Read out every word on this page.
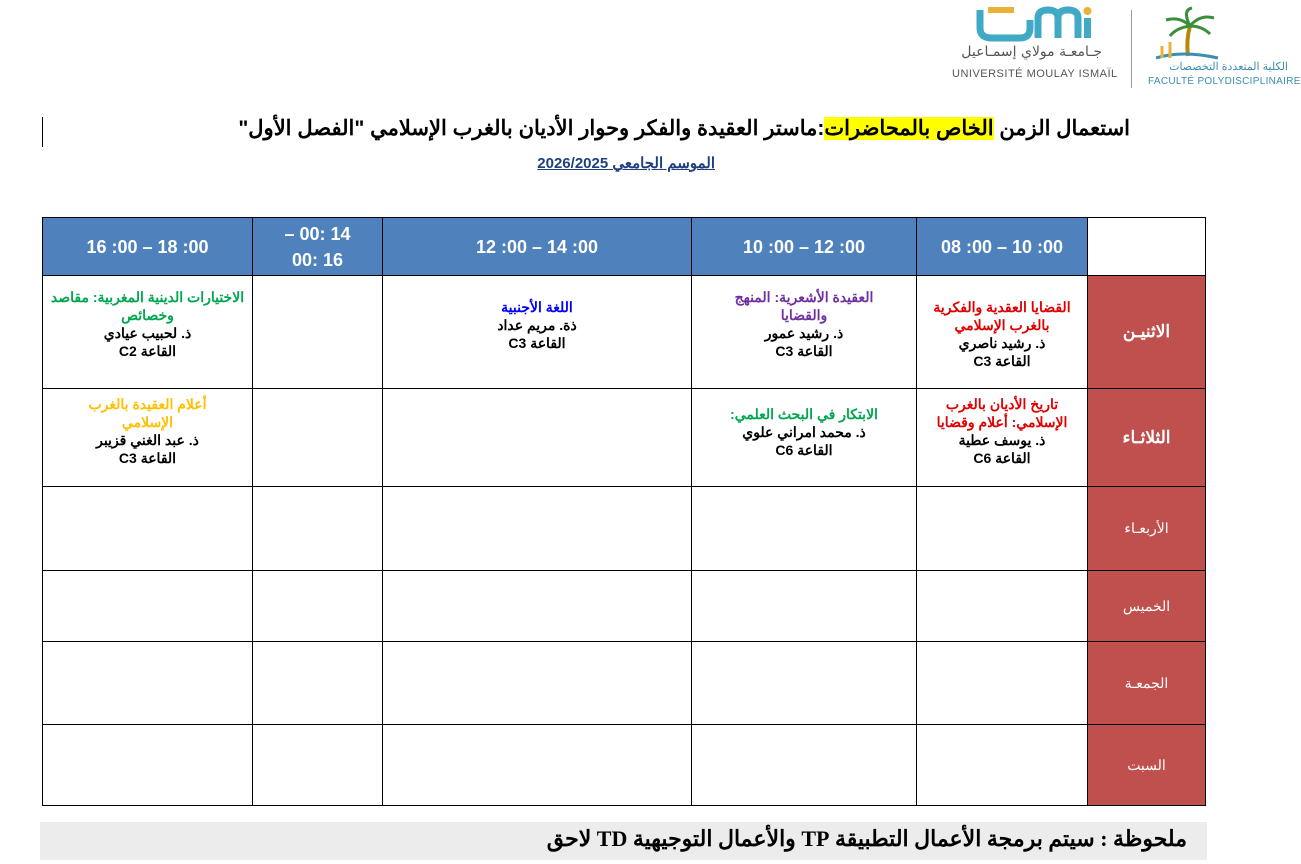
جـامعـة مولاي إسمـاعيل
UNIVERSITÉ MOULAY ISMAÏL
الكلية المتعددة التخصصات
FACULTÉ POLYDISCIPLINAIRE
استعمال الزمن الخاص بالمحاضرات:ماستر العقيدة والفكر وحوار الأديان بالغرب الإسلامي "الفصل الأول"
الموسم الجامعي 2026/2025
16 :00 – 18 :00	14 :00 – 16 :00	12 :00 – 14 :00	10 :00 – 12 :00	08 :00 – 10 :00	

الاختيارات الدينية المغربية: مقاصد وخصائص
ذ. لحبيب عيادي
القاعة C2		اللغة الأجنبية
ذة. مريم عداد
القاعة C3	العقيدة الأشعرية: المنهج والقضايا
ذ. رشيد عمور
القاعة C3	القضايا العقدية والفكرية بالغرب الإسلامي
ذ. رشيد ناصري
القاعة C3	الاثنيـن

أعلام العقيدة بالغرب الإسلامي
ذ. عبد الغني قزيبر
القاعة C3			الابتكار في البحث العلمي:
ذ. محمد امراني علوي
القاعة C6	تاريخ الأديان بالغرب الإسلامي: أعلام وقضايا
ذ. يوسف عطية
القاعة C6	الثلاثـاء
					الأربعـاء
					الخميس
					الجمعـة
					السبت
ملحوظة : سيتم برمجة الأعمال التطبيقة TP والأعمال التوجيهية TD لاحق
